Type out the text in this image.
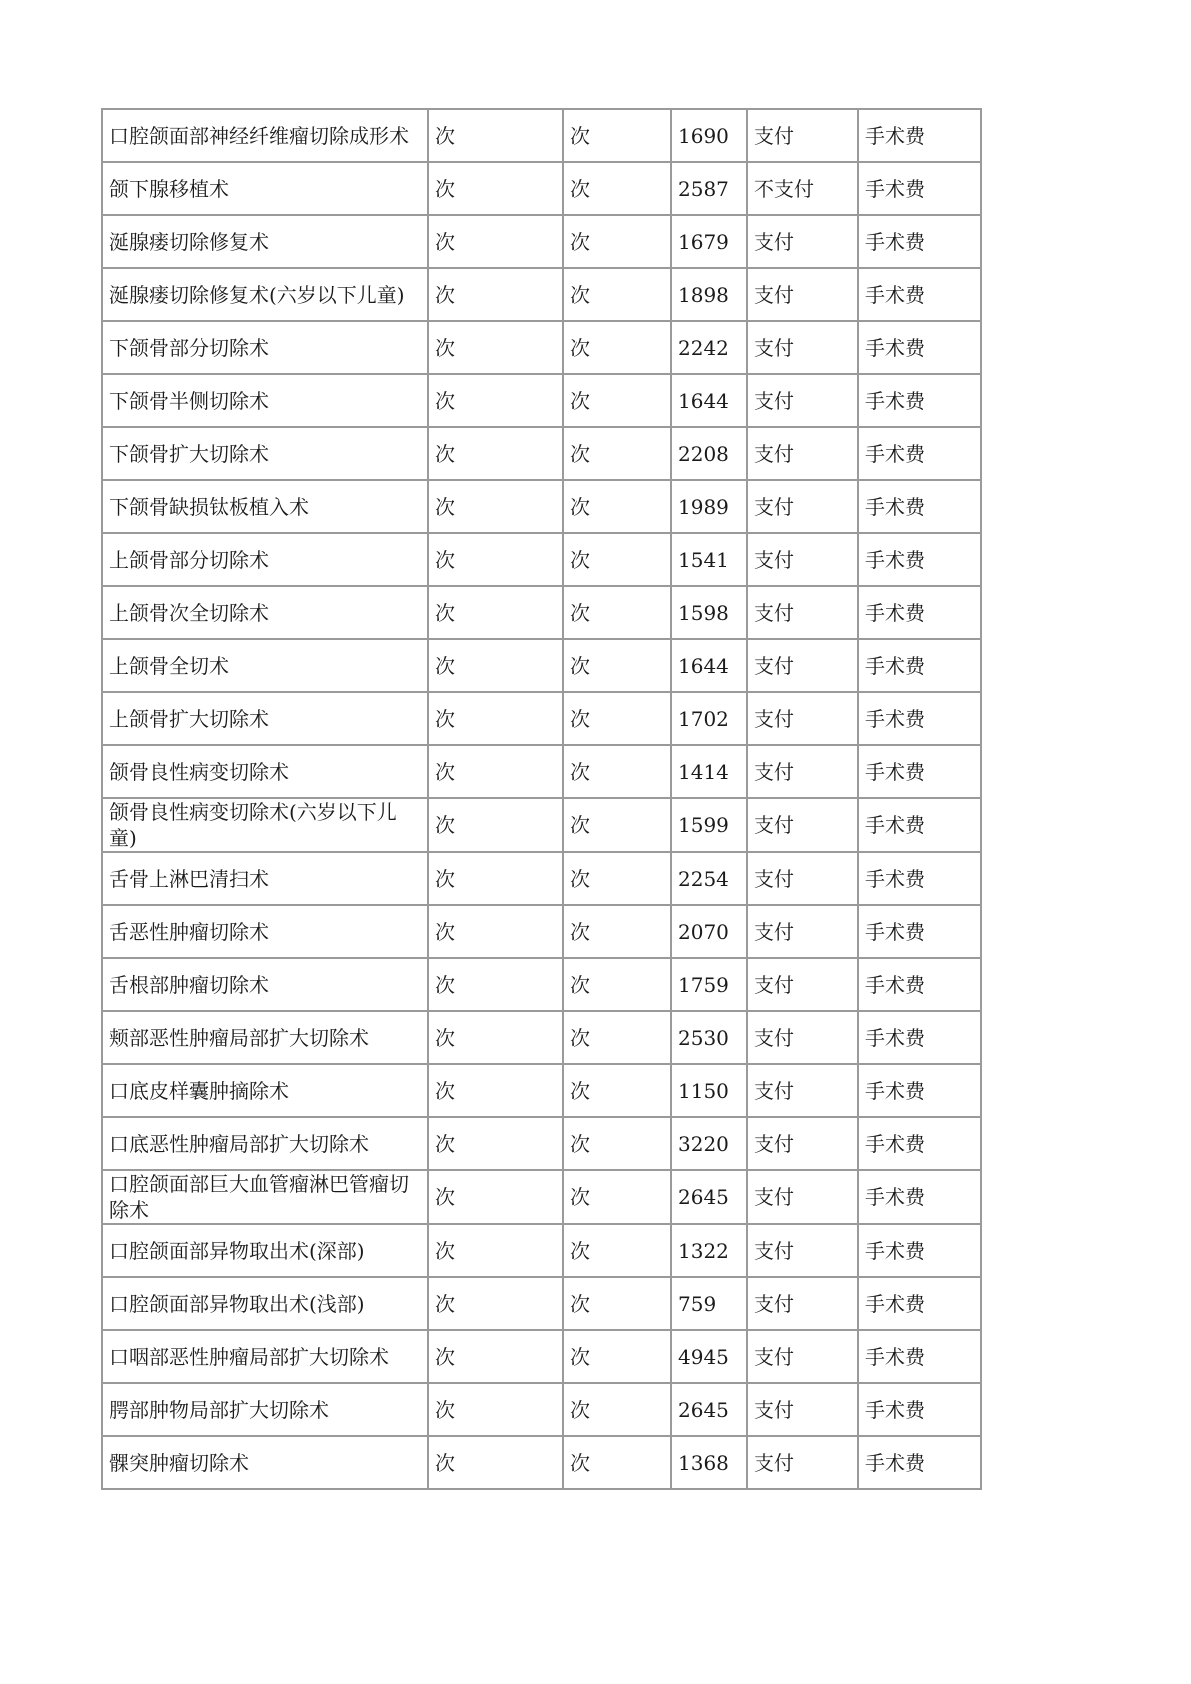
口腔颌面部神经纤维瘤切除成形术	次	次	1690	支付	手术费
颌下腺移植术	次	次	2587	不支付	手术费
涎腺瘘切除修复术	次	次	1679	支付	手术费
涎腺瘘切除修复术(六岁以下儿童)	次	次	1898	支付	手术费
下颌骨部分切除术	次	次	2242	支付	手术费
下颌骨半侧切除术	次	次	1644	支付	手术费
下颌骨扩大切除术	次	次	2208	支付	手术费
下颌骨缺损钛板植入术	次	次	1989	支付	手术费
上颌骨部分切除术	次	次	1541	支付	手术费
上颌骨次全切除术	次	次	1598	支付	手术费
上颌骨全切术	次	次	1644	支付	手术费
上颌骨扩大切除术	次	次	1702	支付	手术费
颌骨良性病变切除术	次	次	1414	支付	手术费
颌骨良性病变切除术(六岁以下儿童)	次	次	1599	支付	手术费
舌骨上淋巴清扫术	次	次	2254	支付	手术费
舌恶性肿瘤切除术	次	次	2070	支付	手术费
舌根部肿瘤切除术	次	次	1759	支付	手术费
颊部恶性肿瘤局部扩大切除术	次	次	2530	支付	手术费
口底皮样囊肿摘除术	次	次	1150	支付	手术费
口底恶性肿瘤局部扩大切除术	次	次	3220	支付	手术费
口腔颌面部巨大血管瘤淋巴管瘤切除术	次	次	2645	支付	手术费
口腔颌面部异物取出术(深部)	次	次	1322	支付	手术费
口腔颌面部异物取出术(浅部)	次	次	759	支付	手术费
口咽部恶性肿瘤局部扩大切除术	次	次	4945	支付	手术费
腭部肿物局部扩大切除术	次	次	2645	支付	手术费
髁突肿瘤切除术	次	次	1368	支付	手术费
